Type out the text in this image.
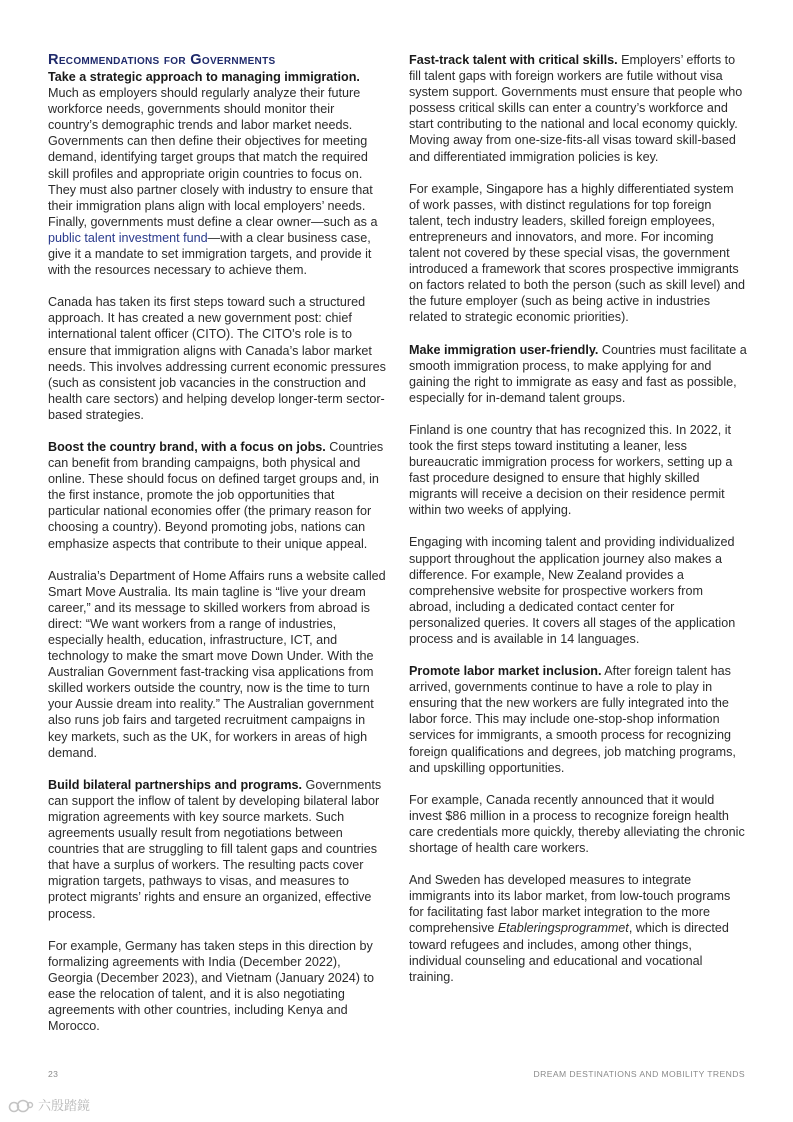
Recommendations for Governments

Take a strategic approach to managing immigration. Much as employers should regularly analyze their future workforce needs, governments should monitor their country’s demographic trends and labor market needs. Governments can then define their objectives for meeting demand, identifying target groups that match the required skill profiles and appropriate origin countries to focus on. They must also partner closely with industry to ensure that their immigration plans align with local employers’ needs. Finally, governments must define a clear owner—such as a public talent investment fund—with a clear business case, give it a mandate to set immigration targets, and provide it with the resources necessary to achieve them.

Canada has taken its first steps toward such a structured approach. It has created a new government post: chief international talent officer (CITO). The CITO’s role is to ensure that immigration aligns with Canada’s labor market needs. This involves addressing current economic pressures (such as consistent job vacancies in the construction and health care sectors) and helping develop longer-term sector-based strategies.

Boost the country brand, with a focus on jobs. Countries can benefit from branding campaigns, both physical and online. These should focus on defined target groups and, in the first instance, promote the job opportunities that particular national economies offer (the primary reason for choosing a country). Beyond promoting jobs, nations can emphasize aspects that contribute to their unique appeal.

Australia’s Department of Home Affairs runs a website called Smart Move Australia. Its main tagline is “live your dream career,” and its message to skilled workers from abroad is direct: “We want workers from a range of industries, especially health, education, infrastructure, ICT, and technology to make the smart move Down Under. With the Australian Government fast-tracking visa applications from skilled workers outside the country, now is the time to turn your Aussie dream into reality.” The Australian government also runs job fairs and targeted recruitment campaigns in key markets, such as the UK, for workers in areas of high demand.

Build bilateral partnerships and programs. Governments can support the inflow of talent by developing bilateral labor migration agreements with key source markets. Such agreements usually result from negotiations between countries that are struggling to fill talent gaps and countries that have a surplus of workers. The resulting pacts cover migration targets, pathways to visas, and measures to protect migrants’ rights and ensure an organized, effective process.

For example, Germany has taken steps in this direction by formalizing agreements with India (December 2022), Georgia (December 2023), and Vietnam (January 2024) to ease the relocation of talent, and it is also negotiating agreements with other countries, including Kenya and Morocco.

Fast-track talent with critical skills. Employers’ efforts to fill talent gaps with foreign workers are futile without visa system support. Governments must ensure that people who possess critical skills can enter a country’s workforce and start contributing to the national and local economy quickly. Moving away from one-size-fits-all visas toward skill-based and differentiated immigration policies is key.

For example, Singapore has a highly differentiated system of work passes, with distinct regulations for top foreign talent, tech industry leaders, skilled foreign employees, entrepreneurs and innovators, and more. For incoming talent not covered by these special visas, the government introduced a framework that scores prospective immigrants on factors related to both the person (such as skill level) and the future employer (such as being active in industries related to strategic economic priorities).

Make immigration user-friendly. Countries must facilitate a smooth immigration process, to make applying for and gaining the right to immigrate as easy and fast as possible, especially for in-demand talent groups.

Finland is one country that has recognized this. In 2022, it took the first steps toward instituting a leaner, less bureaucratic immigration process for workers, setting up a fast procedure designed to ensure that highly skilled migrants will receive a decision on their residence permit within two weeks of applying.

Engaging with incoming talent and providing individualized support throughout the application journey also makes a difference. For example, New Zealand provides a comprehensive website for prospective workers from abroad, including a dedicated contact center for personalized queries. It covers all stages of the application process and is available in 14 languages.

Promote labor market inclusion. After foreign talent has arrived, governments continue to have a role to play in ensuring that the new workers are fully integrated into the labor force. This may include one-stop-shop information services for immigrants, a smooth process for recognizing foreign qualifications and degrees, job matching programs, and upskilling opportunities.

For example, Canada recently announced that it would invest $86 million in a process to recognize foreign health care credentials more quickly, thereby alleviating the chronic shortage of health care workers.

And Sweden has developed measures to integrate immigrants into its labor market, from low-touch programs for facilitating fast labor market integration to the more comprehensive Etableringsprogrammet, which is directed toward refugees and includes, among other things, individual counseling and educational and vocational training.

23	DREAM DESTINATIONS AND MOBILITY TRENDS
六殷踏鏡
